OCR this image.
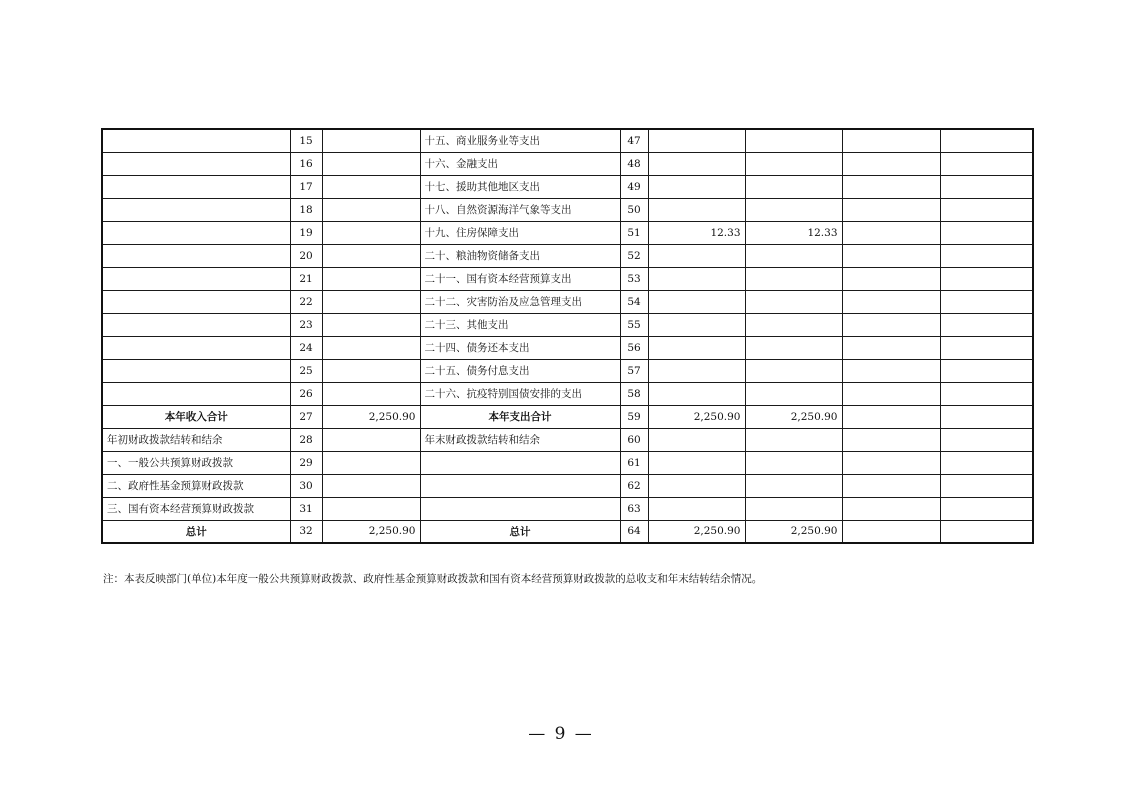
	15		十五、商业服务业等支出	47				
	16		十六、金融支出	48				
	17		十七、援助其他地区支出	49				
	18		十八、自然资源海洋气象等支出	50				
	19		十九、住房保障支出	51	12.33	12.33		
	20		二十、粮油物资储备支出	52				
	21		二十一、国有资本经营预算支出	53				
	22		二十二、灾害防治及应急管理支出	54				
	23		二十三、其他支出	55				
	24		二十四、债务还本支出	56				
	25		二十五、债务付息支出	57				
	26		二十六、抗疫特别国债安排的支出	58				
本年收入合计	27	2,250.90	本年支出合计	59	2,250.90	2,250.90		
年初财政拨款结转和结余	28		年末财政拨款结转和结余	60				
一、一般公共预算财政拨款	29			61				
二、政府性基金预算财政拨款	30			62				
三、国有资本经营预算财政拨款	31			63				
总计	32	2,250.90	总计	64	2,250.90	2,250.90		
注：本表反映部门(单位)本年度一般公共预算财政拨款、政府性基金预算财政拨款和国有资本经营预算财政拨款的总收支和年末结转结余情况。
— 9 —
